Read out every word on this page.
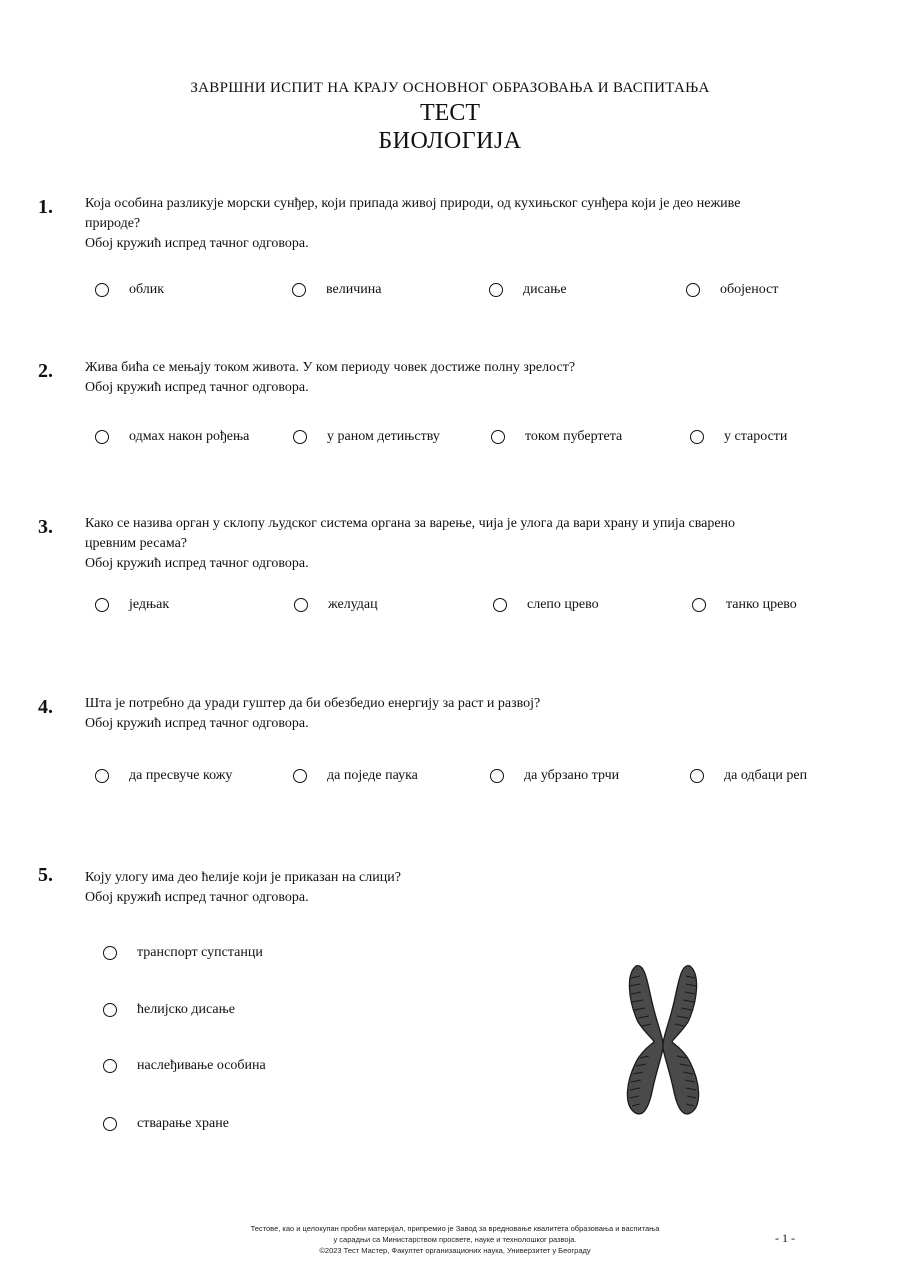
ЗАВРШНИ ИСПИТ НА КРАЈУ ОСНОВНОГ ОБРАЗОВАЊА И ВАСПИТАЊА
ТЕСТ
БИОЛОГИЈА
1. Која особина разликује морски сунђер, који припада живој природи, од кухињског сунђера који је део неживе
природе?
Обој кружић испред тачног одговора.
облик	величина	дисање	обојеност
2. Жива бића се мењају током живота. У ком периоду човек достиже полну зрелост?
Обој кружић испред тачног одговора.
одмах након рођења	у раном детињству	током пубертета	у старости
3. Како се назива орган у склопу људског система органа за варење, чија је улога да вари храну и упија сварено
цревним ресама?
Обој кружић испред тачног одговора.
једњак	желудац	слепо црево	танко црево
4. Шта је потребно да уради гуштер да би обезбедио енергију за раст и развој?
Обој кружић испред тачног одговора.
да пресвуче кожу	да поједе паука	да убрзано трчи	да одбаци реп
5. Коју улогу има део ћелије који је приказан на слици?
Обој кружић испред тачног одговора.
транспорт супстанци
ћелијско дисање
наслеђивање особина
стварање хране
Тестове, као и целокупан пробни материјал, припремио је Завод за вредновање квалитета образовања и васпитања
у сарадњи са Министарством просвете, науке и технолошког развоја.
©2023 Тест Мастер, Факултет организационих наука, Универзитет у Београду
- 1 -
